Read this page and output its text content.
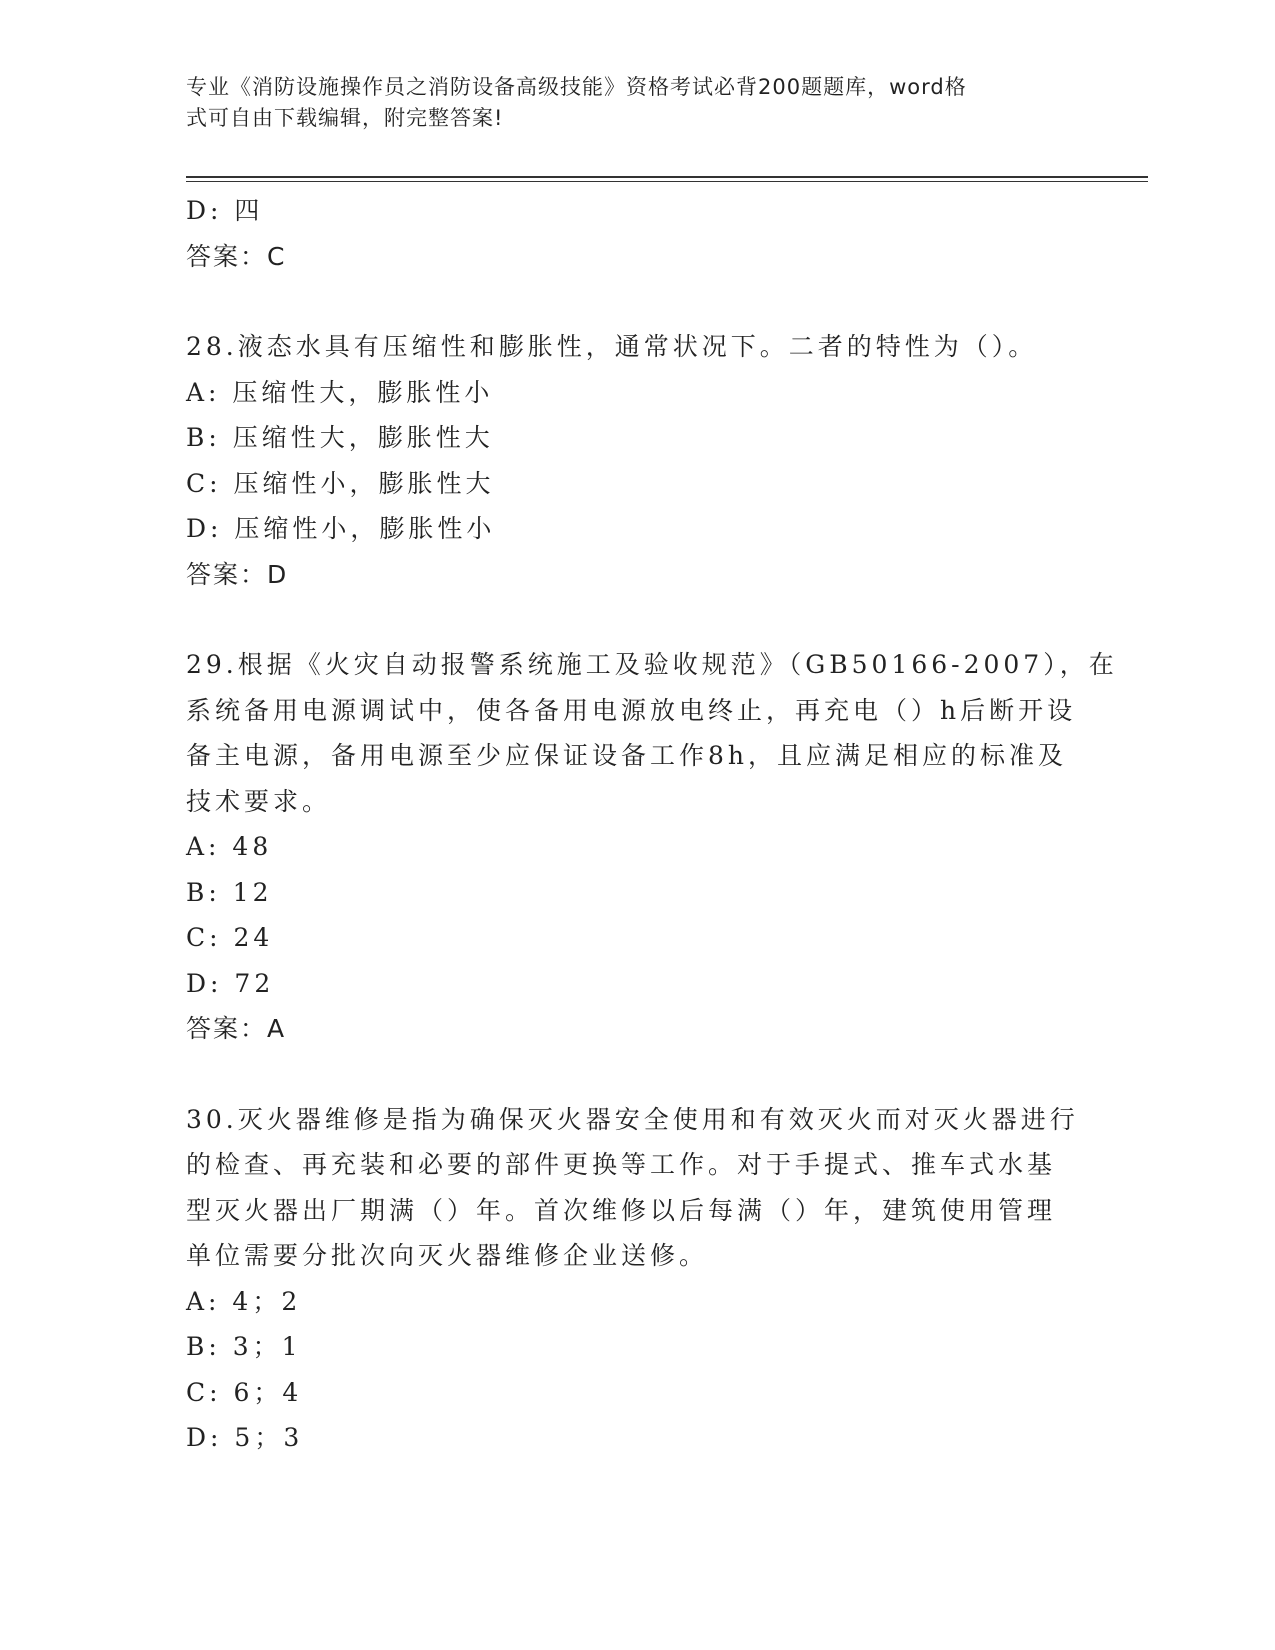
专业《消防设施操作员之消防设备高级技能》资格考试必背200题题库，word格
式可自由下载编辑，附完整答案!
D: 四
答案：C
28.液态水具有压缩性和膨胀性，通常状况下。二者的特性为（）。
A: 压缩性大，膨胀性小
B: 压缩性大，膨胀性大
C: 压缩性小，膨胀性大
D: 压缩性小，膨胀性小
答案：D
29.根据《火灾自动报警系统施工及验收规范》（GB50166-2007），在
系统备用电源调试中，使各备用电源放电终止，再充电（）h后断开设
备主电源，备用电源至少应保证设备工作8h，且应满足相应的标准及
技术要求。
A: 48
B: 12
C: 24
D: 72
答案：A
30.灭火器维修是指为确保灭火器安全使用和有效灭火而对灭火器进行
的检查、再充装和必要的部件更换等工作。对于手提式、推车式水基
型灭火器出厂期满（）年。首次维修以后每满（）年，建筑使用管理
单位需要分批次向灭火器维修企业送修。
A: 4；2
B: 3；1
C: 6；4
D: 5；3
